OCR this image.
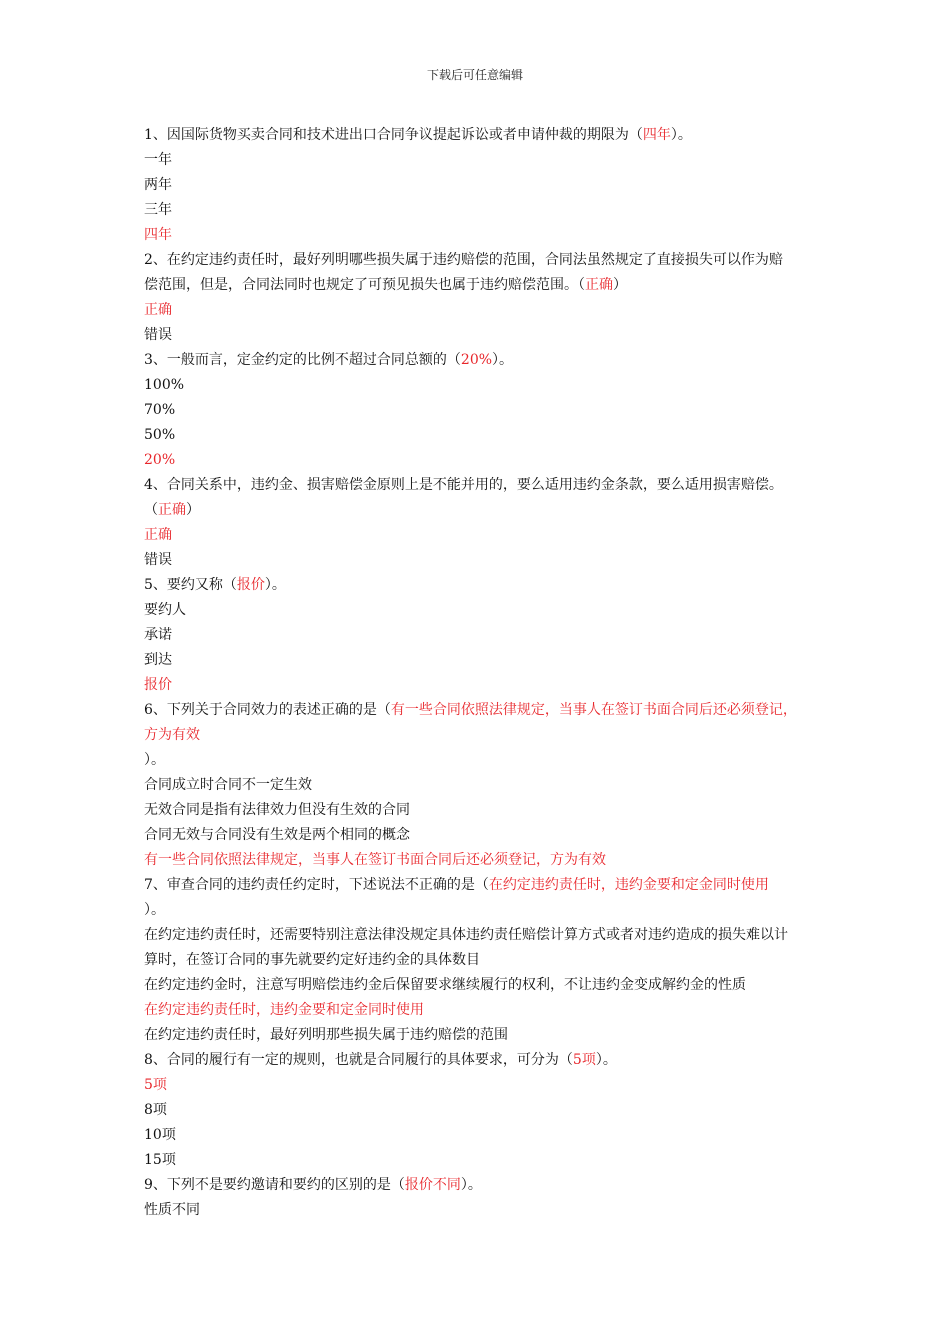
下载后可任意编辑
1、因国际货物买卖合同和技术进出口合同争议提起诉讼或者申请仲裁的期限为（四年）。
一年
两年
三年
四年
2、在约定违约责任时，最好列明哪些损失属于违约赔偿的范围，合同法虽然规定了直接损失可以作为赔
偿范围，但是，合同法同时也规定了可预见损失也属于违约赔偿范围。（正确）
正确
错误
3、一般而言，定金约定的比例不超过合同总额的（20%）。
100%
70%
50%
20%
4、合同关系中，违约金、损害赔偿金原则上是不能并用的，要么适用违约金条款，要么适用损害赔偿。
（正确）
正确
错误
5、要约又称（报价）。
要约人
承诺
到达
报价
6、下列关于合同效力的表述正确的是（有一些合同依照法律规定，当事人在签订书面合同后还必须登记，
方为有效
）。
合同成立时合同不一定生效
无效合同是指有法律效力但没有生效的合同
合同无效与合同没有生效是两个相同的概念
有一些合同依照法律规定，当事人在签订书面合同后还必须登记，方为有效
7、审查合同的违约责任约定时，下述说法不正确的是（在约定违约责任时，违约金要和定金同时使用
）。
在约定违约责任时，还需要特别注意法律没规定具体违约责任赔偿计算方式或者对违约造成的损失难以计
算时，在签订合同的事先就要约定好违约金的具体数目
在约定违约金时，注意写明赔偿违约金后保留要求继续履行的权利，不让违约金变成解约金的性质
在约定违约责任时，违约金要和定金同时使用
在约定违约责任时，最好列明那些损失属于违约赔偿的范围
8、合同的履行有一定的规则，也就是合同履行的具体要求，可分为（5项）。
5项
8项
10项
15项
9、下列不是要约邀请和要约的区别的是（报价不同）。
性质不同
